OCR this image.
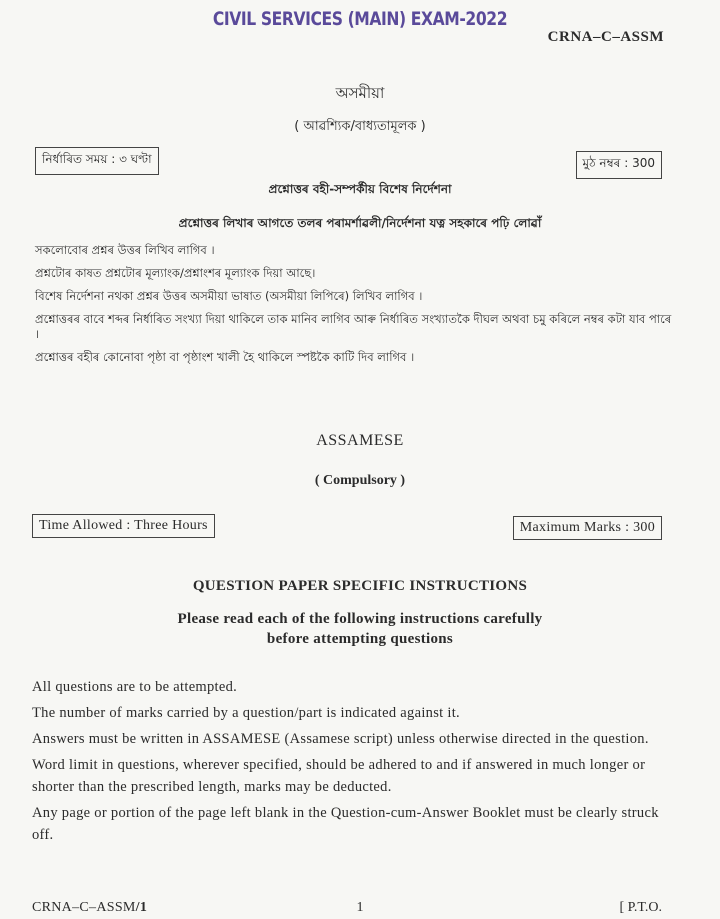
CIVIL SERVICES (MAIN) EXAM-2022
CRNA–C–ASSM
অসমীয়া
( আৱশ্যিক/বাধ্যতামূলক )
নিৰ্ধাৰিত সময় : ৩ ঘণ্টা	মুঠ নম্বৰ : 300
প্ৰশ্নোত্তৰ বহী-সম্পৰ্কীয় বিশেষ নিৰ্দেশনা
প্ৰশ্নোত্তৰ লিখাৰ আগতে তলৰ পৰামৰ্শাৱলী/নিৰ্দেশনা যত্ন সহকাৰে পঢ়ি লোৱাঁ

সকলোবোৰ প্ৰশ্নৰ উত্তৰ লিখিব লাগিব ।

প্ৰশ্নটোৰ কাষত প্ৰশ্নটোৰ মূল্যাংক/প্ৰশ্নাংশৰ মূল্যাংক দিয়া আছে।

বিশেষ নিৰ্দেশনা নথকা প্ৰশ্নৰ উত্তৰ অসমীয়া ভাষাত (অসমীয়া লিপিৰে) লিখিব লাগিব ।

প্ৰশ্নোত্তৰৰ বাবে শব্দৰ নিৰ্ধাৰিত সংখ্যা দিয়া থাকিলে তাক মানিব লাগিব আৰু নিৰ্ধাৰিত সংখ্যাতকৈ দীঘল অথবা চমু কৰিলে নম্বৰ কটা যাব পাৰে ।

প্ৰশ্নোত্তৰ বহীৰ কোনোবা পৃষ্ঠা বা পৃষ্ঠাংশ খালী হৈ থাকিলে স্পষ্টকৈ কাটি দিব লাগিব ।

ASSAMESE
( Compulsory )
Time Allowed : Three Hours	Maximum Marks : 300
QUESTION PAPER SPECIFIC INSTRUCTIONS
Please read each of the following instructions carefully
before attempting questions

All questions are to be attempted.

The number of marks carried by a question/part is indicated against it.

Answers must be written in ASSAMESE (Assamese script) unless otherwise directed in the question.

Word limit in questions, wherever specified, should be adhered to and if answered in much longer or shorter than the prescribed length, marks may be deducted.

Any page or portion of the page left blank in the Question-cum-Answer Booklet must be clearly struck off.

CRNA–C–ASSM/1	1	[ P.T.O.
